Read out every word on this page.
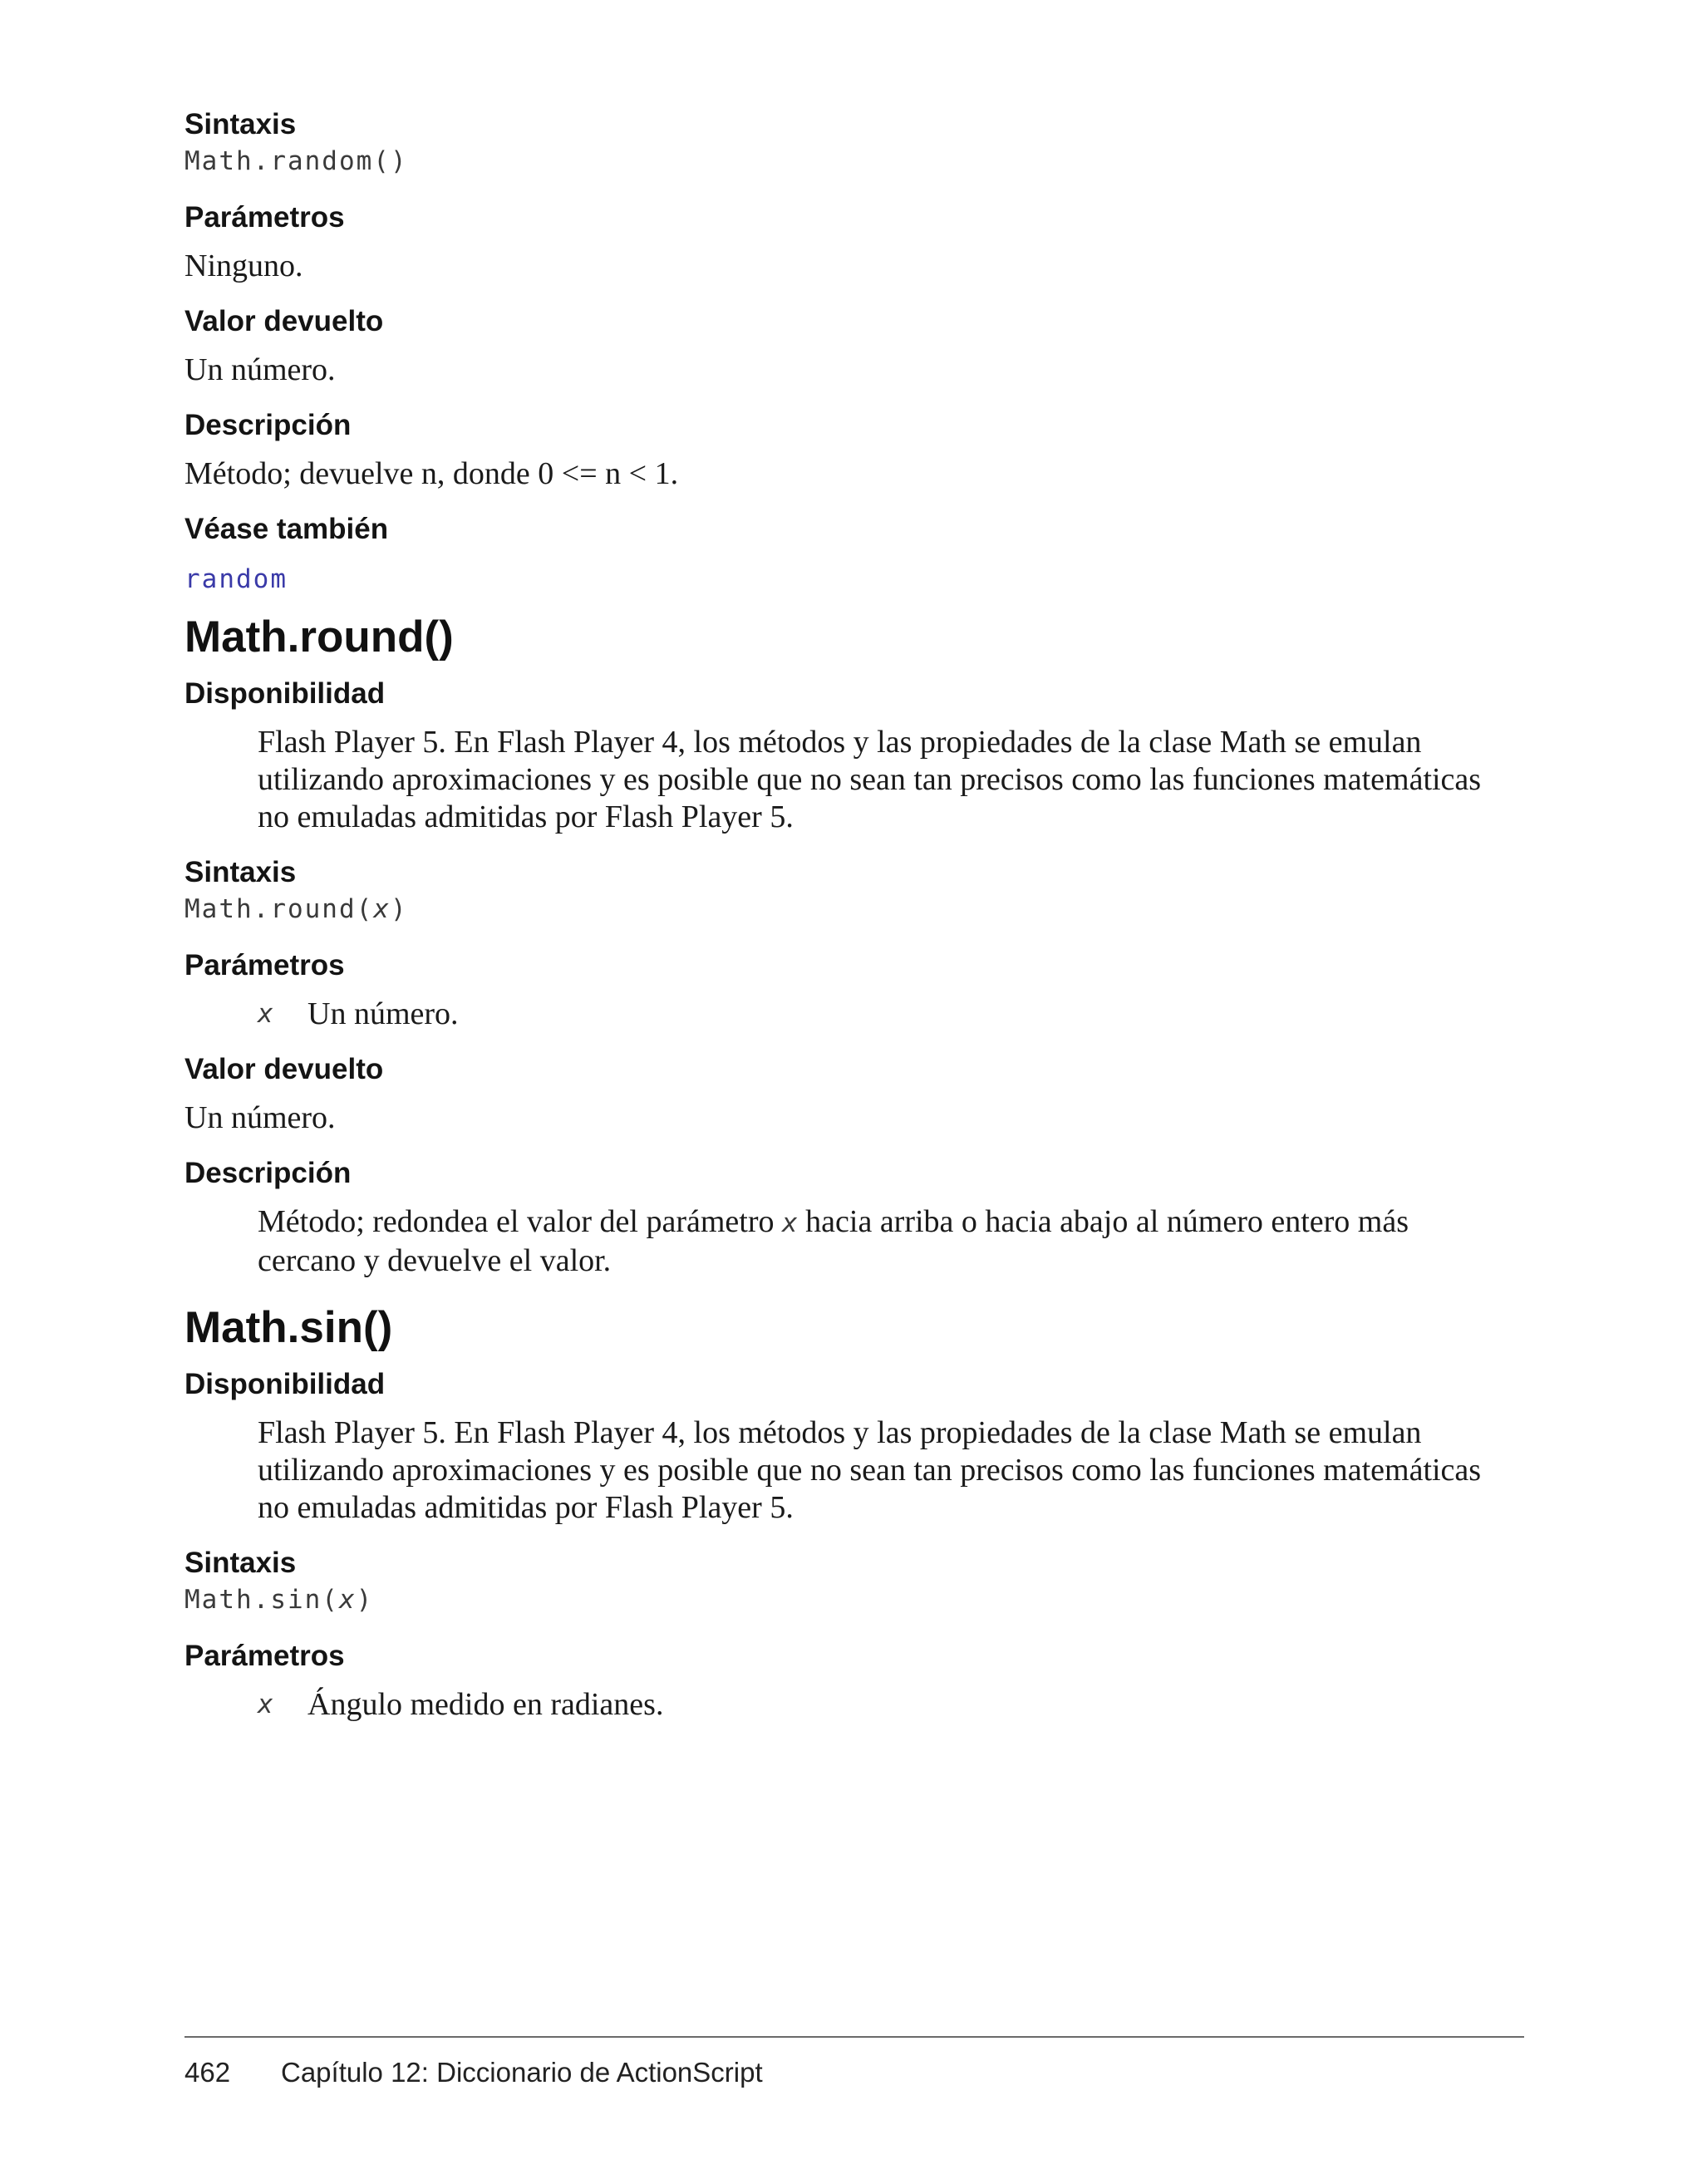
Sintaxis

Math.random()

Parámetros

Ninguno.

Valor devuelto

Un número.

Descripción

Método; devuelve n, donde 0 <= n < 1.

Véase también

random

Math.round()
Disponibilidad

Flash Player 5. En Flash Player 4, los métodos y las propiedades de la clase Math se emulan

utilizando aproximaciones y es posible que no sean tan precisos como las funciones matemáticas

no emuladas admitidas por Flash Player 5.

Sintaxis

Math.round(x)

Parámetros
x	Un número.
Valor devuelto

Un número.

Descripción

Método; redondea el valor del parámetro x hacia arriba o hacia abajo al número entero más

cercano y devuelve el valor.

Math.sin()
Disponibilidad

Flash Player 5. En Flash Player 4, los métodos y las propiedades de la clase Math se emulan

utilizando aproximaciones y es posible que no sean tan precisos como las funciones matemáticas

no emuladas admitidas por Flash Player 5.

Sintaxis

Math.sin(x)

Parámetros
x	Ángulo medido en radianes.
462	Capítulo 12: Diccionario de ActionScript
